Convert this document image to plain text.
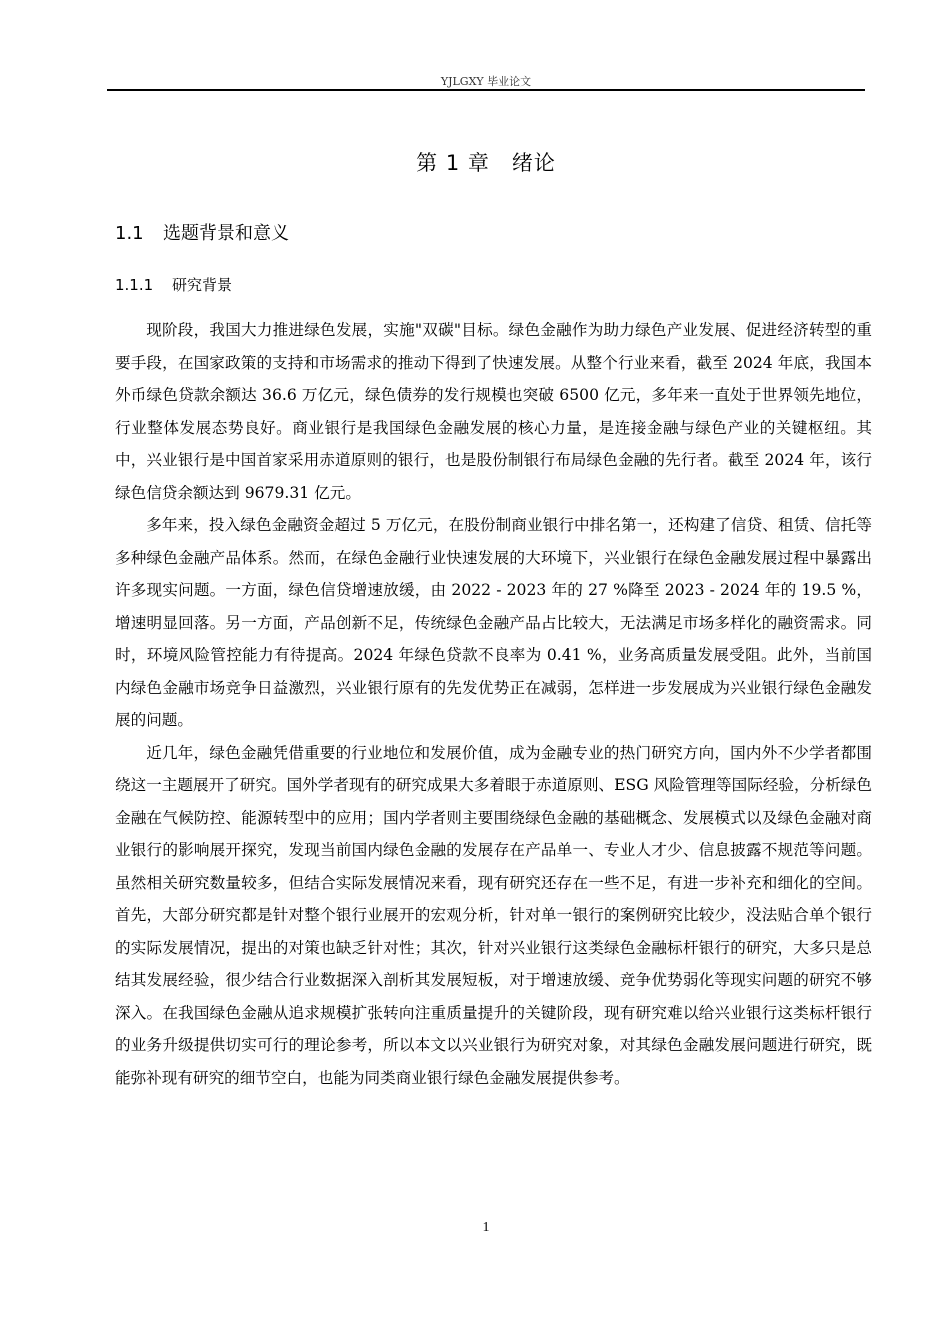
YJLGXY 毕业论文
第 1 章 绪论
1.1 选题背景和意义
1.1.1 研究背景

现阶段，我国大力推进绿色发展，实施"双碳"目标。绿色金融作为助力绿色产业发展、促进经济转型的重要手段，在国家政策的支持和市场需求的推动下得到了快速发展。从整个行业来看，截至 2024 年底，我国本外币绿色贷款余额达 36.6 万亿元，绿色债券的发行规模也突破 6500 亿元，多年来一直处于世界领先地位，行业整体发展态势良好。商业银行是我国绿色金融发展的核心力量，是连接金融与绿色产业的关键枢纽。其中，兴业银行是中国首家采用赤道原则的银行，也是股份制银行布局绿色金融的先行者。截至 2024 年，该行绿色信贷余额达到 9679.31 亿元。

多年来，投入绿色金融资金超过 5 万亿元，在股份制商业银行中排名第一，还构建了信贷、租赁、信托等多种绿色金融产品体系。然而，在绿色金融行业快速发展的大环境下，兴业银行在绿色金融发展过程中暴露出许多现实问题。一方面，绿色信贷增速放缓，由 2022 - 2023 年的 27 %降至 2023 - 2024 年的 19.5 %，增速明显回落。另一方面，产品创新不足，传统绿色金融产品占比较大，无法满足市场多样化的融资需求。同时，环境风险管控能力有待提高。2024 年绿色贷款不良率为 0.41 %，业务高质量发展受阻。此外，当前国内绿色金融市场竞争日益激烈，兴业银行原有的先发优势正在减弱，怎样进一步发展成为兴业银行绿色金融发展的问题。

近几年，绿色金融凭借重要的行业地位和发展价值，成为金融专业的热门研究方向，国内外不少学者都围绕这一主题展开了研究。国外学者现有的研究成果大多着眼于赤道原则、ESG 风险管理等国际经验，分析绿色金融在气候防控、能源转型中的应用；国内学者则主要围绕绿色金融的基础概念、发展模式以及绿色金融对商业银行的影响展开探究，发现当前国内绿色金融的发展存在产品单一、专业人才少、信息披露不规范等问题。虽然相关研究数量较多，但结合实际发展情况来看，现有研究还存在一些不足，有进一步补充和细化的空间。首先，大部分研究都是针对整个银行业展开的宏观分析，针对单一银行的案例研究比较少，没法贴合单个银行的实际发展情况，提出的对策也缺乏针对性；其次，针对兴业银行这类绿色金融标杆银行的研究，大多只是总结其发展经验，很少结合行业数据深入剖析其发展短板，对于增速放缓、竞争优势弱化等现实问题的研究不够深入。在我国绿色金融从追求规模扩张转向注重质量提升的关键阶段，现有研究难以给兴业银行这类标杆银行的业务升级提供切实可行的理论参考，所以本文以兴业银行为研究对象，对其绿色金融发展问题进行研究，既能弥补现有研究的细节空白，也能为同类商业银行绿色金融发展提供参考。

1
